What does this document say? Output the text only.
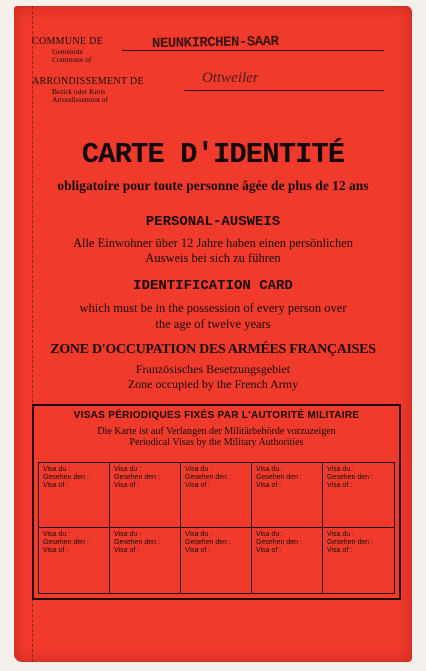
COMMUNE DE
Gemeinde
Commune of
NEUNKIRCHEN-SAAR
ARRONDISSEMENT DE
Bezirk oder Kreis
Arrondissement of
Ottweiler
CARTE D'IDENTITÉ
obligatoire pour toute personne âgée de plus de 12 ans
PERSONAL-AUSWEIS
Alle Einwohner über 12 Jahre haben einen persönlichen
Ausweis bei sich zu führen
IDENTIFICATION CARD
which must be in the possession of every person over
the age of twelve years
ZONE D'OCCUPATION DES ARMÉES FRANÇAISES
Französisches Besetzungsgebiet
Zone occupied by the French Army
VISAS PÉRIODIQUES FIXÉS PAR L'AUTORITÉ MILITAIRE
Die Karte ist auf Verlangen der Militärbehörde vorzuzeigen
Periodical Visas by the Military Authorities
Visa du :
Gesehen den :
Visa of :
Visa du :
Gesehen den :
Visa of :
Visa du :
Gesehen den :
Visa of :
Visa du :
Gesehen den :
Visa of :
Visa du :
Gesehen den :
Visa of :
Visa du :
Gesehen den :
Visa of :
Visa du :
Gesehen den :
Visa of :
Visa du :
Gesehen den :
Visa of :
Visa du :
Gesehen den :
Visa of :
Visa du :
Gesehen den :
Visa of :
